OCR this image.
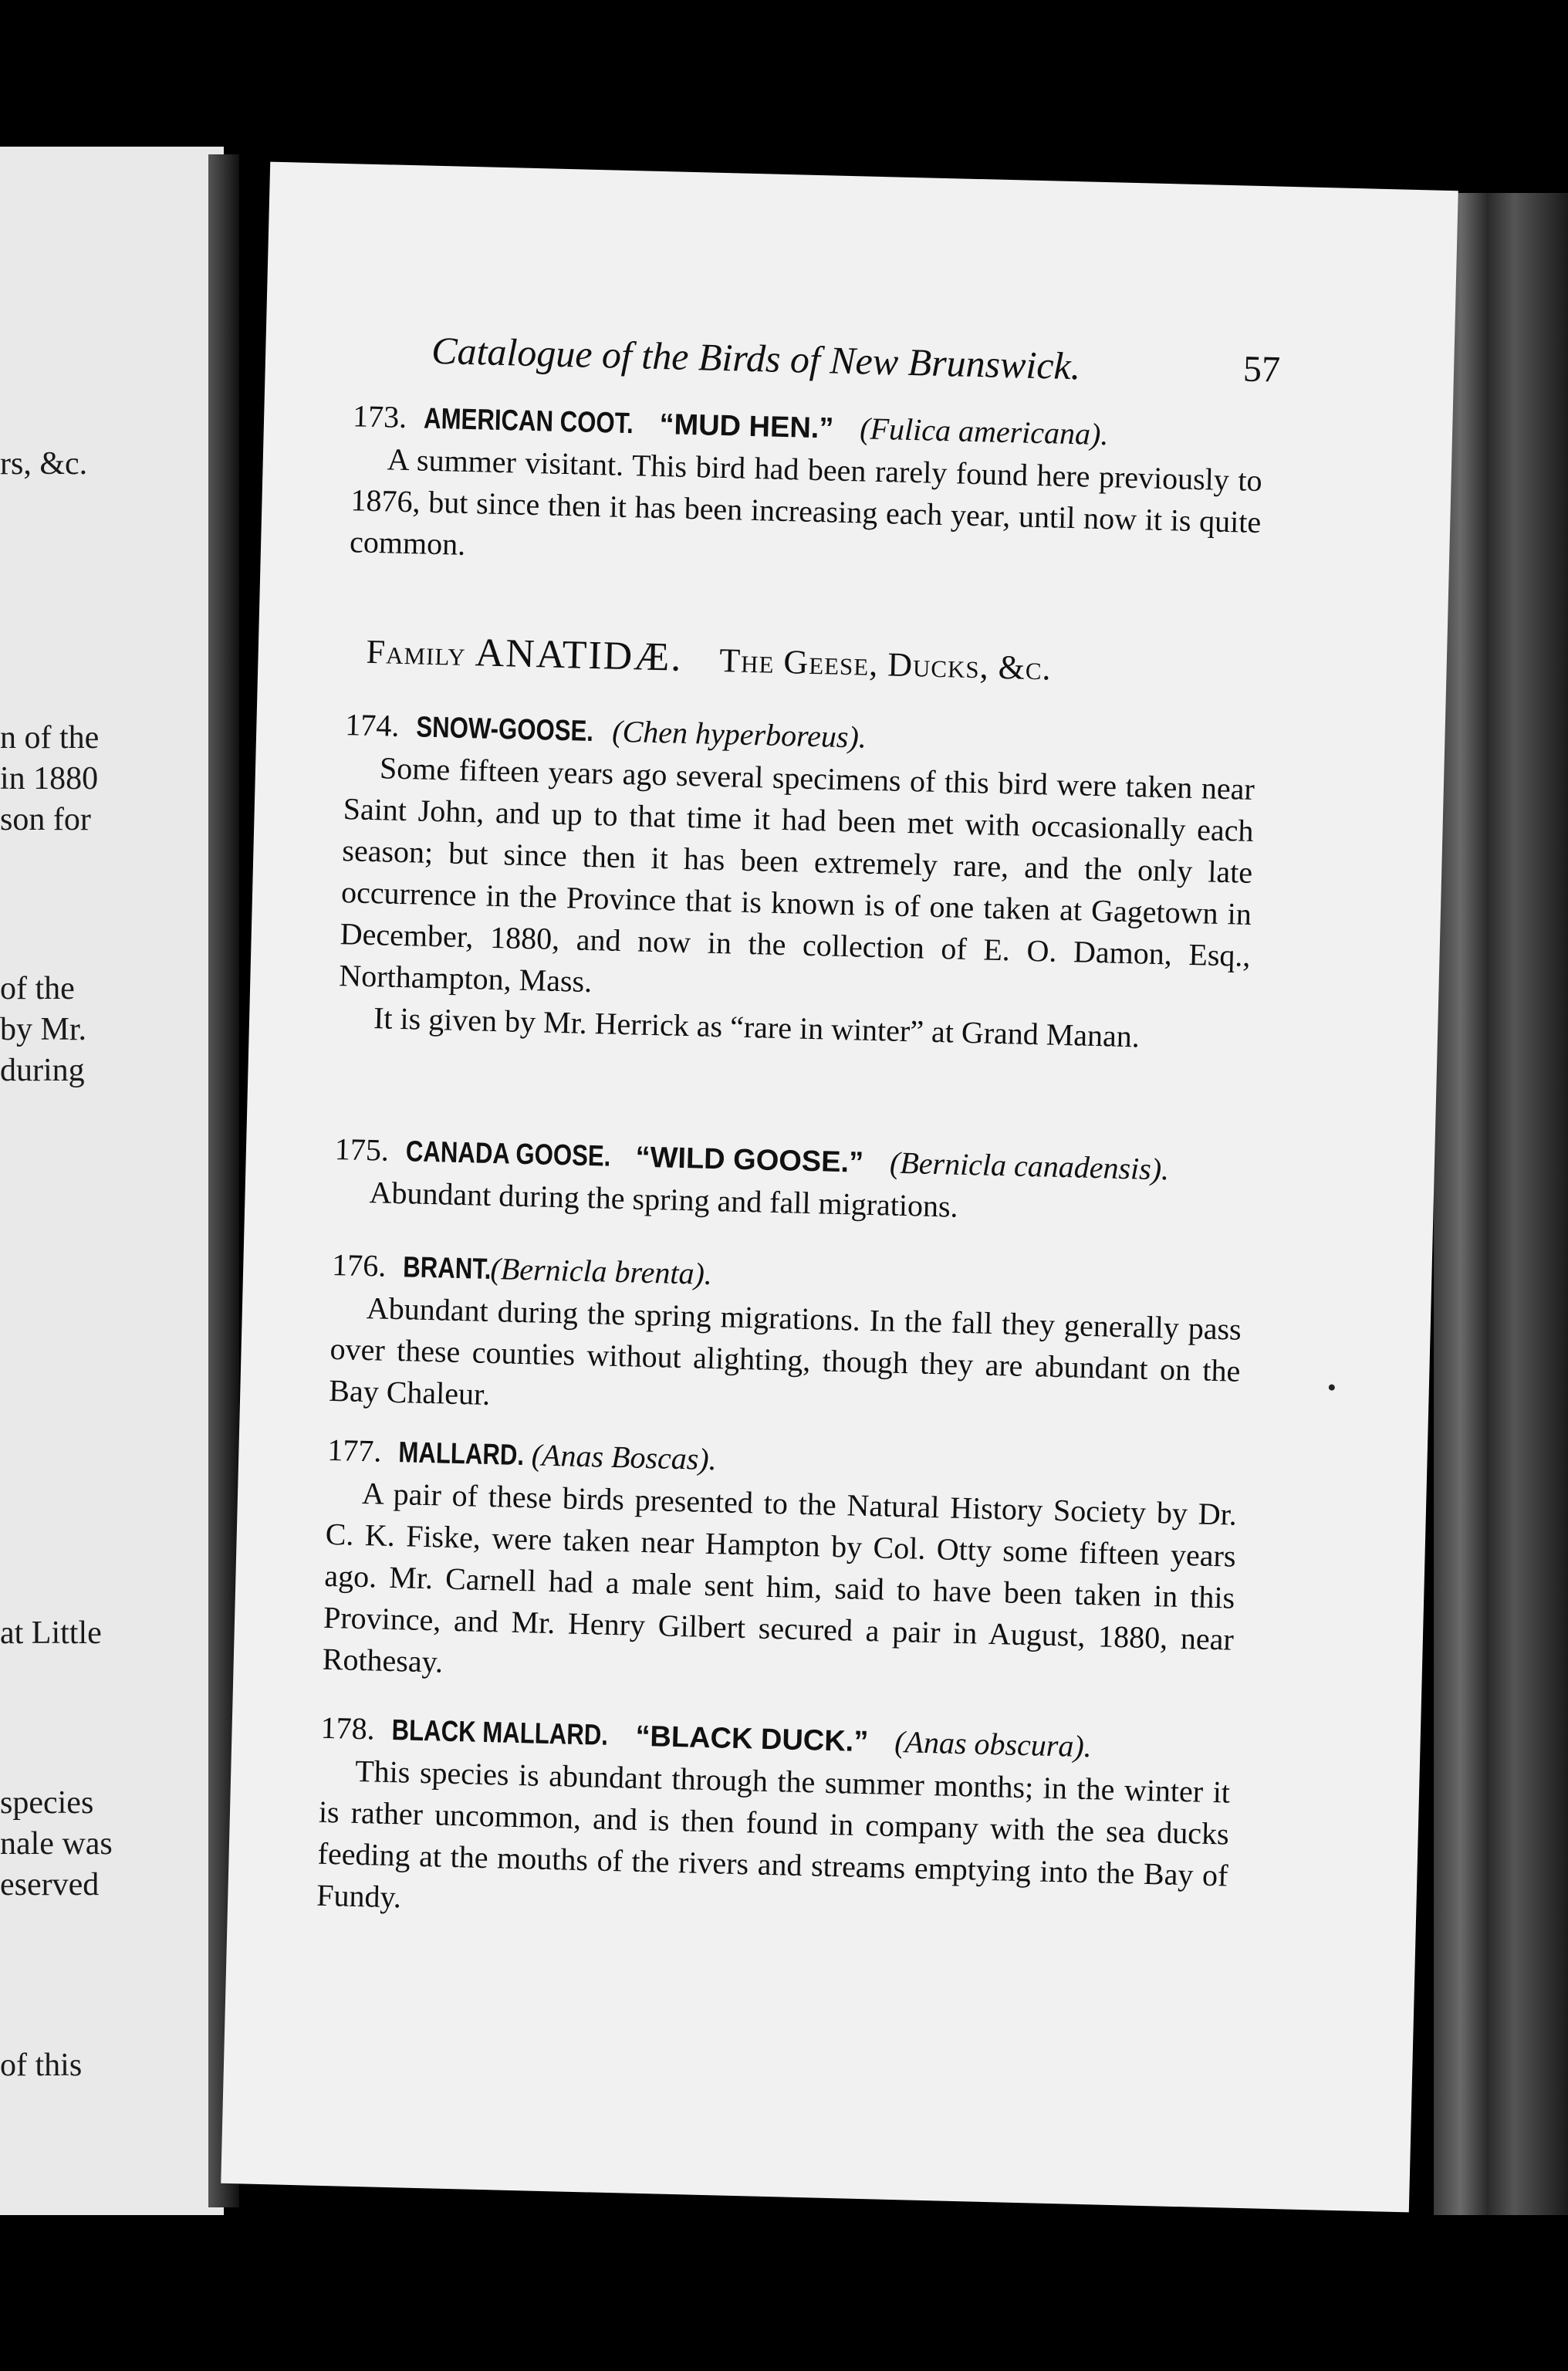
rs, &c.
n of the
in 1880
son for
of the
by Mr.
during
at Little
species
nale was
eserved
of this
Catalogue of the Birds of New Brunswick.	57
173. AMERICAN COOT. “MUD HEN.” (Fulica americana).

A summer visitant. This bird had been rarely found here previously to 1876, but since then it has been increasing each year, until now it is quite common.

Family ANATIDÆ. The Geese, Ducks, &c.
174. SNOW-GOOSE. (Chen hyperboreus).

Some fifteen years ago several specimens of this bird were taken near Saint John, and up to that time it had been met with occasionally each season; but since then it has been extremely rare, and the only late occurrence in the Province that is known is of one taken at Gagetown in December, 1880, and now in the collection of E. O. Damon, Esq., Northampton, Mass.

It is given by Mr. Herrick as “rare in winter” at Grand Manan.

175. CANADA GOOSE. “WILD GOOSE.” (Bernicla canadensis).

Abundant during the spring and fall migrations.

176. BRANT. (Bernicla brenta).

Abundant during the spring migrations. In the fall they generally pass over these counties without alighting, though they are abundant on the Bay Chaleur.

177. MALLARD. (Anas Boscas).

A pair of these birds presented to the Natural History Society by Dr. C. K. Fiske, were taken near Hampton by Col. Otty some fifteen years ago. Mr. Carnell had a male sent him, said to have been taken in this Province, and Mr. Henry Gilbert secured a pair in August, 1880, near Rothesay.

178. BLACK MALLARD. “BLACK DUCK.” (Anas obscura).

This species is abundant through the summer months; in the winter it is rather uncommon, and is then found in company with the sea ducks feeding at the mouths of the rivers and streams emptying into the Bay of Fundy.
